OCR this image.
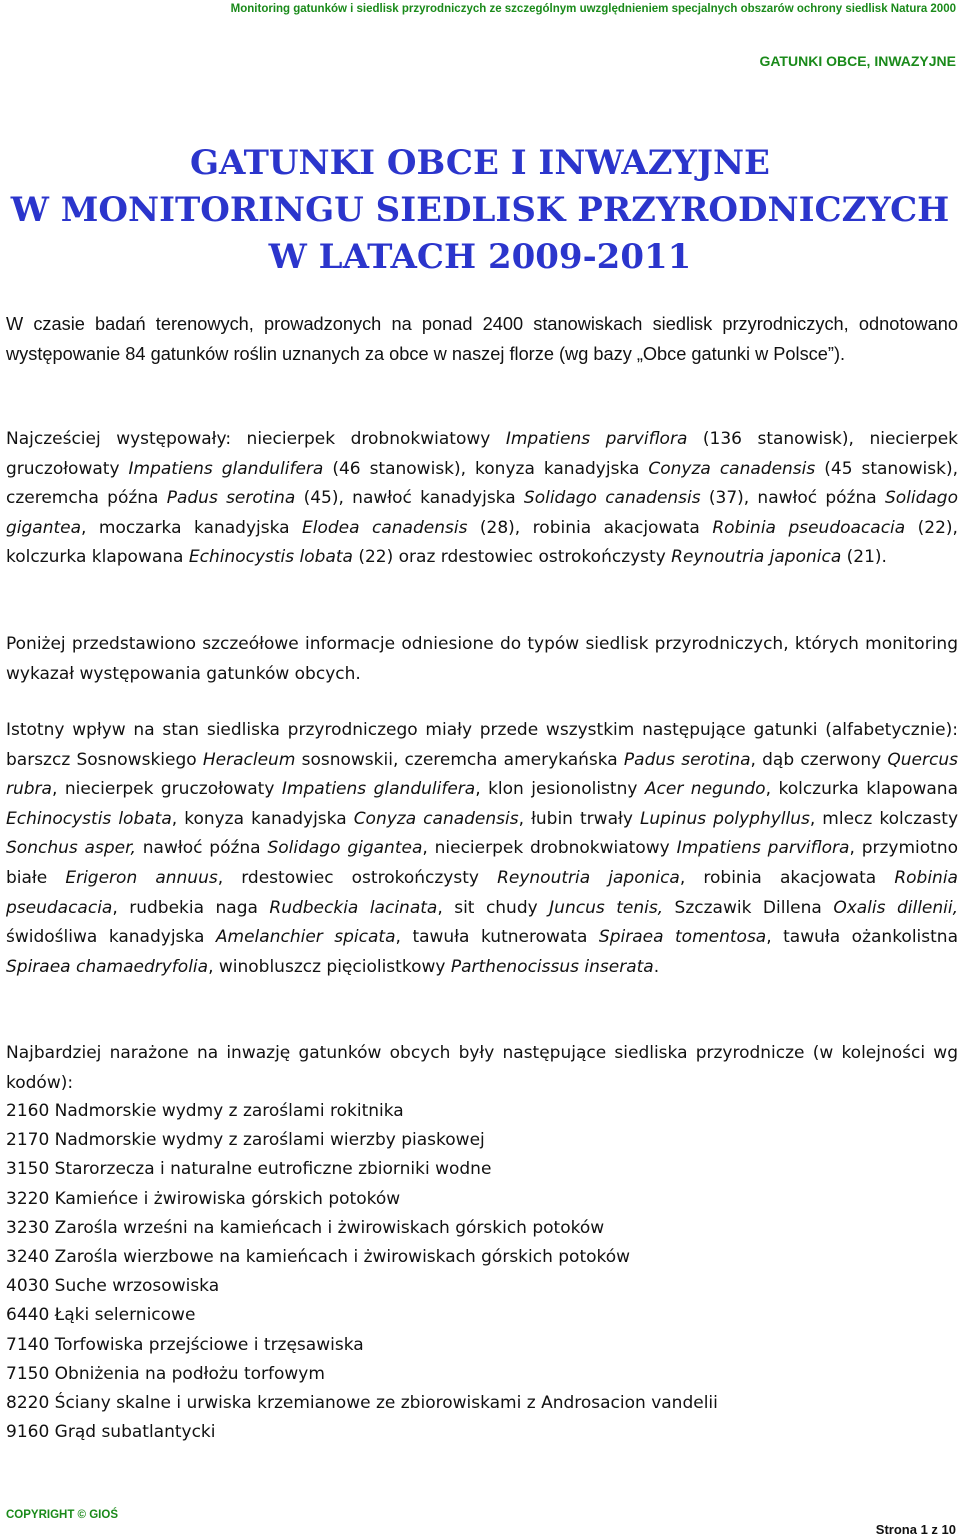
Monitoring gatunków i siedlisk przyrodniczych ze szczególnym uwzględnieniem specjalnych obszarów ochrony siedlisk Natura 2000
GATUNKI OBCE, INWAZYJNE
GATUNKI OBCE I INWAZYJNE
W MONITORINGU SIEDLISK PRZYRODNICZYCH
W LATACH 2009-2011

W czasie badań terenowych, prowadzonych na ponad 2400 stanowiskach siedlisk przyrodniczych, odnotowano występowanie 84 gatunków roślin uznanych za obce w naszej florze (wg bazy „Obce gatunki w Polsce”).

Najcześciej występowały: niecierpek drobnokwiatowy Impatiens parviflora (136 stanowisk), niecierpek gruczołowaty Impatiens glandulifera (46 stanowisk), konyza kanadyjska Conyza canadensis (45 stanowisk), czeremcha późna Padus serotina (45), nawłoć kanadyjska Solidago canadensis (37), nawłoć późna Solidago gigantea, moczarka kanadyjska Elodea canadensis (28), robinia akacjowata Robinia pseudoacacia (22), kolczurka klapowana Echinocystis lobata (22) oraz rdestowiec ostrokończysty Reynoutria japonica (21).

Poniżej przedstawiono szczeółowe informacje odniesione do typów siedlisk przyrodniczych, których monitoring wykazał występowania gatunków obcych.

Istotny wpływ na stan siedliska przyrodniczego miały przede wszystkim następujące gatunki (alfabetycznie): barszcz Sosnowskiego Heracleum sosnowskii, czeremcha amerykańska Padus serotina, dąb czerwony Quercus rubra, niecierpek gruczołowaty Impatiens glandulifera, klon jesionolistny Acer negundo, kolczurka klapowana Echinocystis lobata, konyza kanadyjska Conyza canadensis, łubin trwały Lupinus polyphyllus, mlecz kolczasty Sonchus asper, nawłoć późna Solidago gigantea, niecierpek drobnokwiatowy Impatiens parviflora, przymiotno białe Erigeron annuus, rdestowiec ostrokończysty Reynoutria japonica, robinia akacjowata Robinia pseudacacia, rudbekia naga Rudbeckia lacinata, sit chudy Juncus tenis, Szczawik Dillena Oxalis dillenii, świdośliwa kanadyjska Amelanchier spicata, tawuła kutnerowata Spiraea tomentosa, tawuła ożankolistna Spiraea chamaedryfolia, winobluszcz pięciolistkowy Parthenocissus inserata.

Najbardziej narażone na inwazję gatunków obcych były następujące siedliska przyrodnicze (w kolejności wg kodów):

2160 Nadmorskie wydmy z zaroślami rokitnika
2170 Nadmorskie wydmy z zaroślami wierzby piaskowej
3150 Starorzecza i naturalne eutroficzne zbiorniki wodne
3220 Kamieńce i żwirowiska górskich potoków
3230 Zarośla wrześni na kamieńcach i żwirowiskach górskich potoków
3240 Zarośla wierzbowe na kamieńcach i żwirowiskach górskich potoków
4030 Suche wrzosowiska
6440 Łąki selernicowe
7140 Torfowiska przejściowe i trzęsawiska
7150 Obniżenia na podłożu torfowym
8220 Ściany skalne i urwiska krzemianowe ze zbiorowiskami z Androsacion vandelii
9160 Grąd subatlantycki
COPYRIGHT © GIOŚ
Strona 1 z 10
